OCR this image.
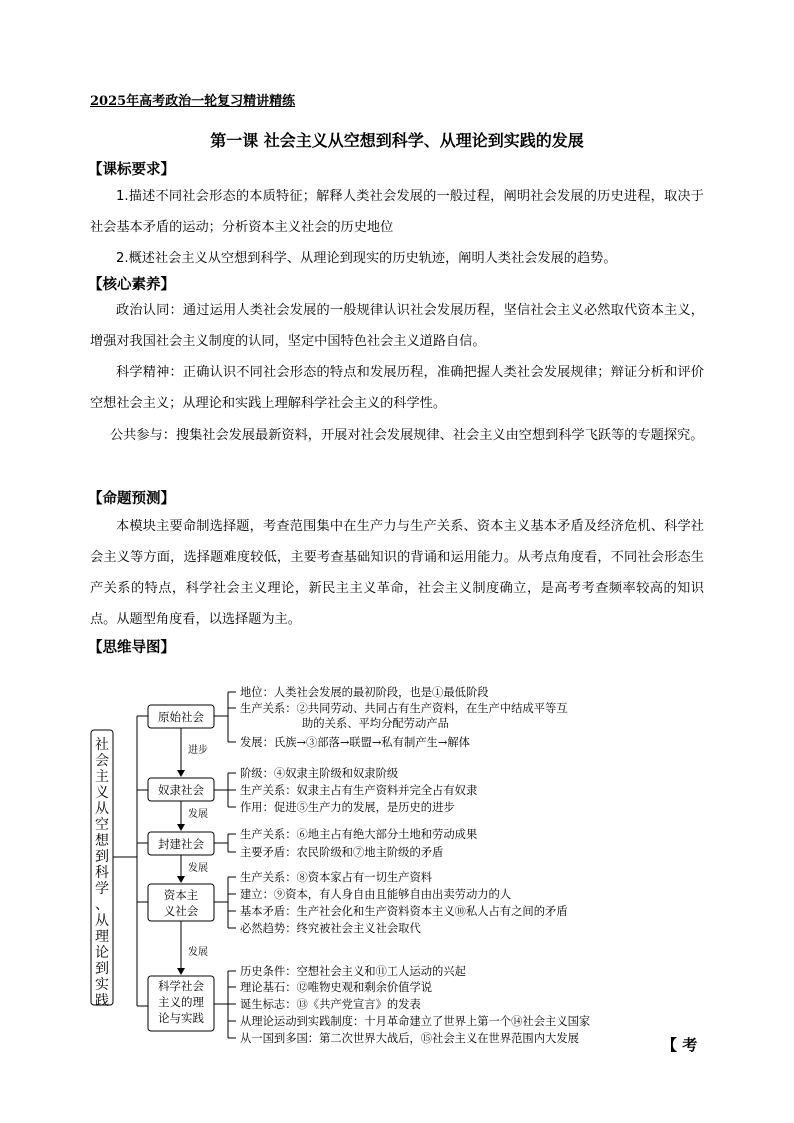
2025年高考政治一轮复习精讲精练
第一课 社会主义从空想到科学、从理论到实践的发展
【课标要求】
1.描述不同社会形态的本质特征；解释人类社会发展的一般过程，阐明社会发展的历史进程，取决于社会基本矛盾的运动；分析资本主义社会的历史地位
2.概述社会主义从空想到科学、从理论到现实的历史轨迹，阐明人类社会发展的趋势。
【核心素养】
政治认同：通过运用人类社会发展的一般规律认识社会发展历程，坚信社会主义必然取代资本主义，增强对我国社会主义制度的认同，坚定中国特色社会主义道路自信。
科学精神：正确认识不同社会形态的特点和发展历程，准确把握人类社会发展规律；辩证分析和评价空想社会主义；从理论和实践上理解科学社会主义的科学性。
公共参与：搜集社会发展最新资料，开展对社会发展规律、社会主义由空想到科学飞跃等的专题探究。
【命题预测】
本模块主要命制选择题，考查范围集中在生产力与生产关系、资本主义基本矛盾及经济危机、科学社会主义等方面，选择题难度较低，主要考查基础知识的背诵和运用能力。从考点角度看，不同社会形态生产关系的特点，科学社会主义理论，新民主主义革命，社会主义制度确立，是高考考查频率较高的知识点。从题型角度看，以选择题为主。
【思维导图】
社会主义从空想到科学、从理论到实践
原始社会
奴隶社会
封建社会
资本主
义社会
科学社会
主义的理
论与实践
进步
发展
发展
发展
地位：人类社会发展的最初阶段，也是①最低阶段
生产关系：②共同劳动、共同占有生产资料，在生产中结成平等互
助的关系、平均分配劳动产品
发展：氏族→③部落→联盟→私有制产生→解体
阶级：④奴隶主阶级和奴隶阶级
生产关系：奴隶主占有生产资料并完全占有奴隶
作用：促进⑤生产力的发展，是历史的进步
生产关系：⑥地主占有绝大部分土地和劳动成果
主要矛盾：农民阶级和⑦地主阶级的矛盾
生产关系：⑧资本家占有一切生产资料
建立：⑨资本，有人身自由且能够自由出卖劳动力的人
基本矛盾：生产社会化和生产资料资本主义⑩私人占有之间的矛盾
必然趋势：终究被社会主义社会取代
历史条件：空想社会主义和⑪工人运动的兴起
理论基石：⑫唯物史观和剩余价值学说
诞生标志：⑬《共产党宣言》的发表
从理论运动到实践制度：十月革命建立了世界上第一个⑭社会主义国家
从一国到多国：第二次世界大战后，⑮社会主义在世界范围内大发展	【 考
